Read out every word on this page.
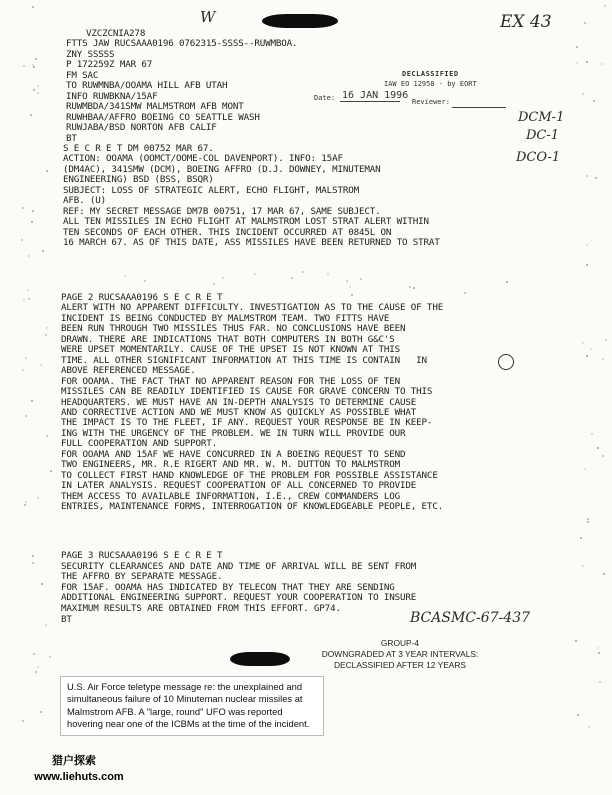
VZCZCNIA278
FTTS JAW RUCSAAA0196 0762315-SSSS--RUWMBOA.
ZNY SSSSS
P 172259Z MAR 67
FM SAC
TO RUWMNBA/OOAMA HILL AFB UTAH
INFO RUWBKNA/15AF
RUWMBDA/341SMW MALMSTROM AFB MONT
RUWHBAA/AFFRO BOEING CO SEATTLE WASH
RUWJABA/BSD NORTON AFB CALIF
BT
S E C R E T DM 00752 MAR 67.
ACTION: OOAMA (OOMCT/OOME-COL DAVENPORT). INFO: 15AF
(DM4AC), 341SMW (DCM), BOEING AFFRO (D.J. DOWNEY, MINUTEMAN
ENGINEERING) BSD (BSS, BSQR)
SUBJECT: LOSS OF STRATEGIC ALERT, ECHO FLIGHT, MALSTROM
AFB. (U)
REF: MY SECRET MESSAGE DM7B 00751, 17 MAR 67, SAME SUBJECT.
ALL TEN MISSILES IN ECHO FLIGHT AT MALMSTROM LOST STRAT ALERT WITHIN
TEN SECONDS OF EACH OTHER. THIS INCIDENT OCCURRED AT 0845L ON
16 MARCH 67. AS OF THIS DATE, ASS MISSILES HAVE BEEN RETURNED TO STRAT
PAGE 2 RUCSAAA0196 S E C R E T
ALERT WITH NO APPARENT DIFFICULTY. INVESTIGATION AS TO THE CAUSE OF THE
INCIDENT IS BEING CONDUCTED BY MALMSTROM TEAM. TWO FITTS HAVE
BEEN RUN THROUGH TWO MISSILES THUS FAR. NO CONCLUSIONS HAVE BEEN
DRAWN. THERE ARE INDICATIONS THAT BOTH COMPUTERS IN BOTH G&C'S
WERE UPSET MOMENTARILY. CAUSE OF THE UPSET IS NOT KNOWN AT THIS
TIME. ALL OTHER SIGNIFICANT INFORMATION AT THIS TIME IS CONTAIN   IN
ABOVE REFERENCED MESSAGE.
FOR OOAMA. THE FACT THAT NO APPARENT REASON FOR THE LOSS OF TEN
MISSILES CAN BE READILY IDENTIFIED IS CAUSE FOR GRAVE CONCERN TO THIS
HEADQUARTERS. WE MUST HAVE AN IN-DEPTH ANALYSIS TO DETERMINE CAUSE
AND CORRECTIVE ACTION AND WE MUST KNOW AS QUICKLY AS POSSIBLE WHAT
THE IMPACT IS TO THE FLEET, IF ANY. REQUEST YOUR RESPONSE BE IN KEEP-
ING WITH THE URGENCY OF THE PROBLEM. WE IN TURN WILL PROVIDE OUR
FULL COOPERATION AND SUPPORT.
FOR OOAMA AND 15AF WE HAVE CONCURRED IN A BOEING REQUEST TO SEND
TWO ENGINEERS, MR. R.E RIGERT AND MR. W. M. DUTTON TO MALMSTROM
TO COLLECT FIRST HAND KNOWLEDGE OF THE PROBLEM FOR POSSIBLE ASSISTANCE
IN LATER ANALYSIS. REQUEST COOPERATION OF ALL CONCERNED TO PROVIDE
THEM ACCESS TO AVAILABLE INFORMATION, I.E., CREW COMMANDERS LOG
ENTRIES, MAINTENANCE FORMS, INTERROGATION OF KNOWLEDGEABLE PEOPLE, ETC.
PAGE 3 RUCSAAA0196 S E C R E T
SECURITY CLEARANCES AND DATE AND TIME OF ARRIVAL WILL BE SENT FROM
THE AFFRO BY SEPARATE MESSAGE.
FOR 15AF. OOAMA HAS INDICATED BY TELECON THAT THEY ARE SENDING
ADDITIONAL ENGINEERING SUPPORT. REQUEST YOUR COOPERATION TO INSURE
MAXIMUM RESULTS ARE OBTAINED FROM THIS EFFORT. GP74.
BT
DECLASSIFIED
IAW EO 12958 - by EORT
Date: 16 JAN 1996
Reviewer:
W	EX 43
DCM-1
DC-1
DCO-1
BCASMC-67-437
GROUP-4
DOWNGRADED AT 3 YEAR INTERVALS:
DECLASSIFIED AFTER 12 YEARS
U.S. Air Force teletype message re: the unexplained and simultaneous failure of 10 Minuteman nuclear missiles at Malmstrom AFB. A "large, round" UFO was reported hovering near one of the ICBMs at the time of the incident.
猎户探索
www.liehuts.com
